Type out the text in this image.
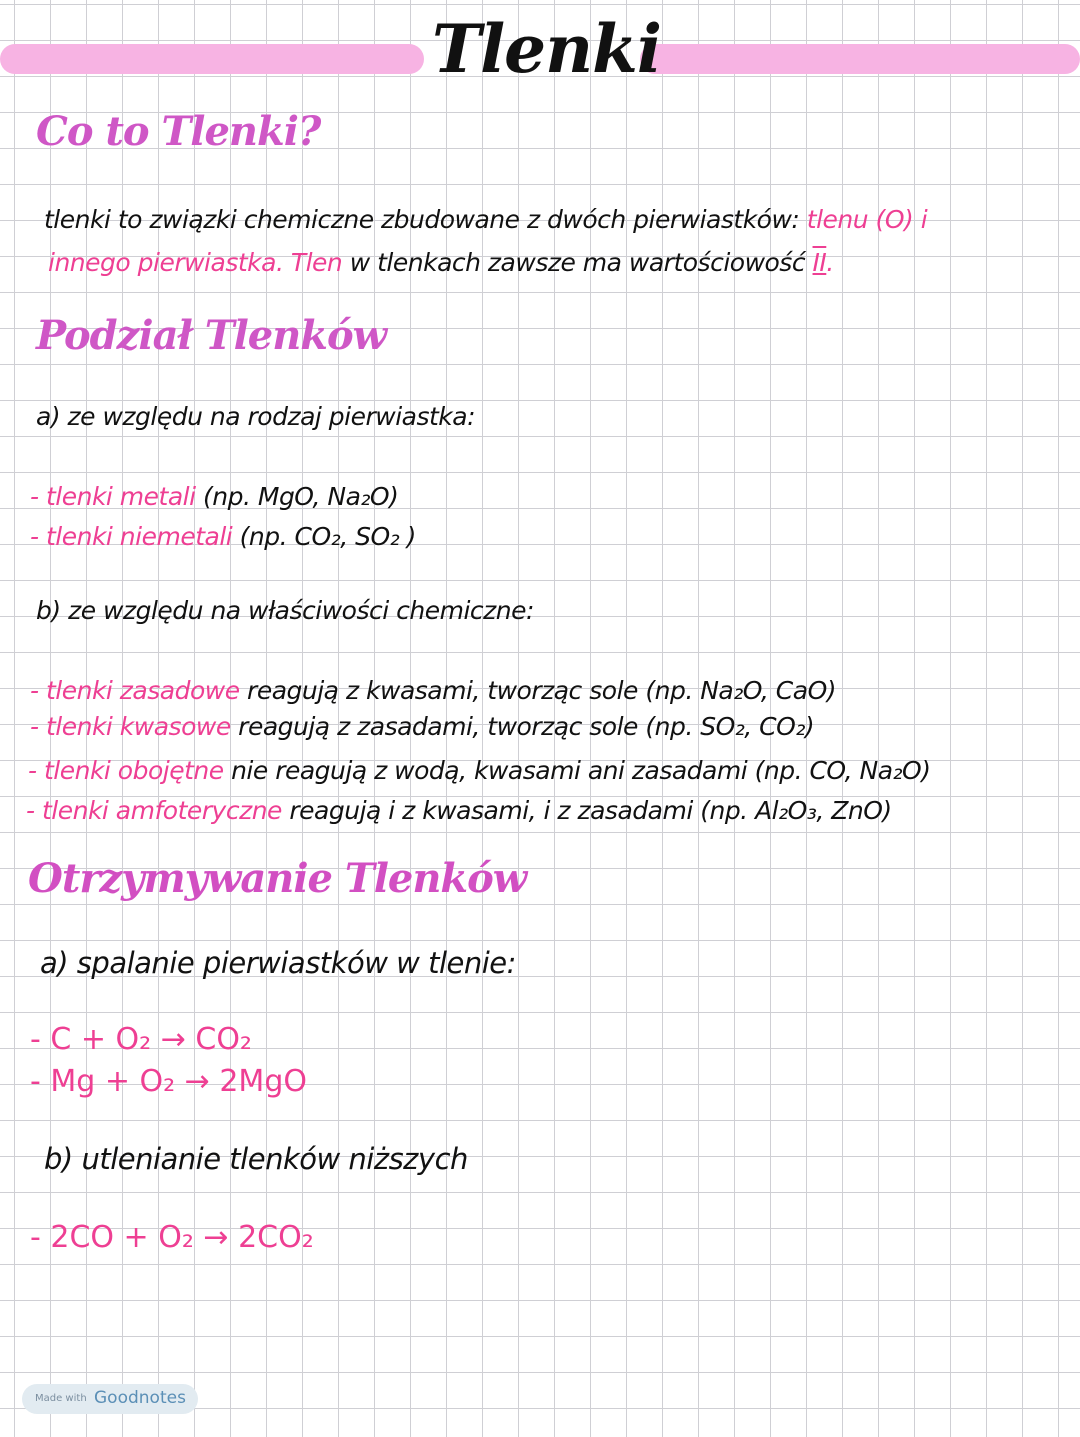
Tlenki
Co to Tlenki?
tlenki to związki chemiczne zbudowane z dwóch pierwiastków: tlenu (O) i
innego pierwiastka. Tlen w tlenkach zawsze ma wartościowość II.
Podział Tlenków
a) ze względu na rodzaj pierwiastka:
- tlenki metali (np. MgO, Na₂O)
- tlenki niemetali (np. CO₂, SO₂ )
b) ze względu na właściwości chemiczne:
- tlenki zasadowe reagują z kwasami, tworząc sole (np. Na₂O, CaO)
- tlenki kwasowe reagują z zasadami, tworząc sole (np. SO₂, CO₂)
- tlenki obojętne nie reagują z wodą, kwasami ani zasadami (np. CO, Na₂O)
- tlenki amfoteryczne reagują i z kwasami, i z zasadami (np. Al₂O₃, ZnO)
Otrzymywanie Tlenków
a) spalanie pierwiastków w tlenie:
- C + O₂ → CO₂
- Mg + O₂ → 2MgO
b) utlenianie tlenków niższych
- 2CO + O₂ → 2CO₂
Made with Goodnotes
